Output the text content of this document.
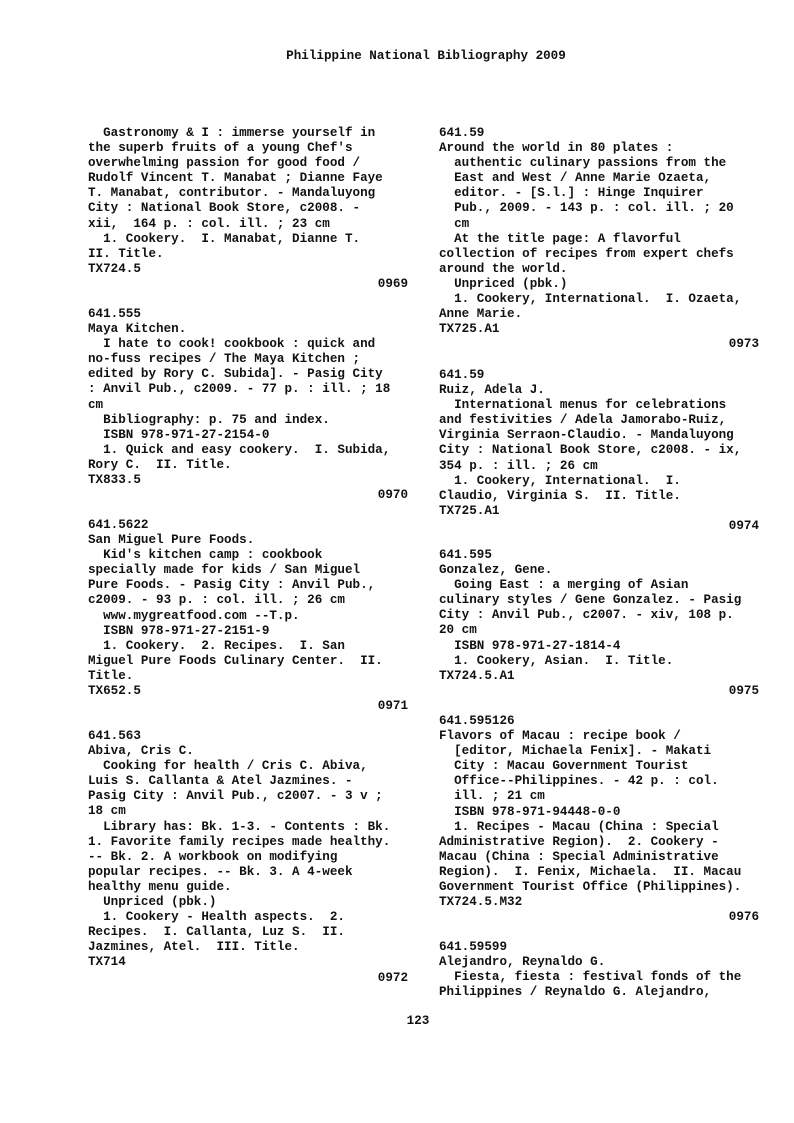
Philippine National Bibliography 2009
Gastronomy & I : immerse yourself in
the superb fruits of a young Chef's
overwhelming passion for good food /
Rudolf Vincent T. Manabat ; Dianne Faye
T. Manabat, contributor. - Mandaluyong
City : National Book Store, c2008. -
xii,  164 p. : col. ill. ; 23 cm
1. Cookery.  I. Manabat, Dianne T.
II. Title.
TX724.5
0969
641.555
Maya Kitchen.
I hate to cook! cookbook : quick and
no-fuss recipes / The Maya Kitchen ;
edited by Rory C. Subida]. - Pasig City
: Anvil Pub., c2009. - 77 p. : ill. ; 18
cm
Bibliography: p. 75 and index.
ISBN 978-971-27-2154-0
1. Quick and easy cookery.  I. Subida,
Rory C.  II. Title.
TX833.5
0970
641.5622
San Miguel Pure Foods.
Kid's kitchen camp : cookbook
specially made for kids / San Miguel
Pure Foods. - Pasig City : Anvil Pub.,
c2009. - 93 p. : col. ill. ; 26 cm
www.mygreatfood.com --T.p.
ISBN 978-971-27-2151-9
1. Cookery.  2. Recipes.  I. San
Miguel Pure Foods Culinary Center.  II.
Title.
TX652.5
0971
641.563
Abiva, Cris C.
Cooking for health / Cris C. Abiva,
Luis S. Callanta & Atel Jazmines. -
Pasig City : Anvil Pub., c2007. - 3 v ;
18 cm
Library has: Bk. 1-3. - Contents : Bk.
1. Favorite family recipes made healthy.
-- Bk. 2. A workbook on modifying
popular recipes. -- Bk. 3. A 4-week
healthy menu guide.
Unpriced (pbk.)
1. Cookery - Health aspects.  2.
Recipes.  I. Callanta, Luz S.  II.
Jazmines, Atel.  III. Title.
TX714
0972
641.59
Around the world in 80 plates :
authentic culinary passions from the
East and West / Anne Marie Ozaeta,
editor. - [S.l.] : Hinge Inquirer
Pub., 2009. - 143 p. : col. ill. ; 20
cm
At the title page: A flavorful
collection of recipes from expert chefs
around the world.
Unpriced (pbk.)
1. Cookery, International.  I. Ozaeta,
Anne Marie.
TX725.A1
0973
641.59
Ruiz, Adela J.
International menus for celebrations
and festivities / Adela Jamorabo-Ruiz,
Virginia Serraon-Claudio. - Mandaluyong
City : National Book Store, c2008. - ix,
354 p. : ill. ; 26 cm
1. Cookery, International.  I.
Claudio, Virginia S.  II. Title.
TX725.A1
0974
641.595
Gonzalez, Gene.
Going East : a merging of Asian
culinary styles / Gene Gonzalez. - Pasig
City : Anvil Pub., c2007. - xiv, 108 p.
20 cm
ISBN 978-971-27-1814-4
1. Cookery, Asian.  I. Title.
TX724.5.A1
0975
641.595126
Flavors of Macau : recipe book /
[editor, Michaela Fenix]. - Makati
City : Macau Government Tourist
Office--Philippines. - 42 p. : col.
ill. ; 21 cm
ISBN 978-971-94448-0-0
1. Recipes - Macau (China : Special
Administrative Region).  2. Cookery -
Macau (China : Special Administrative
Region).  I. Fenix, Michaela.  II. Macau
Government Tourist Office (Philippines).
TX724.5.M32
0976
641.59599
Alejandro, Reynaldo G.
Fiesta, fiesta : festival fonds of the
Philippines / Reynaldo G. Alejandro,
123
